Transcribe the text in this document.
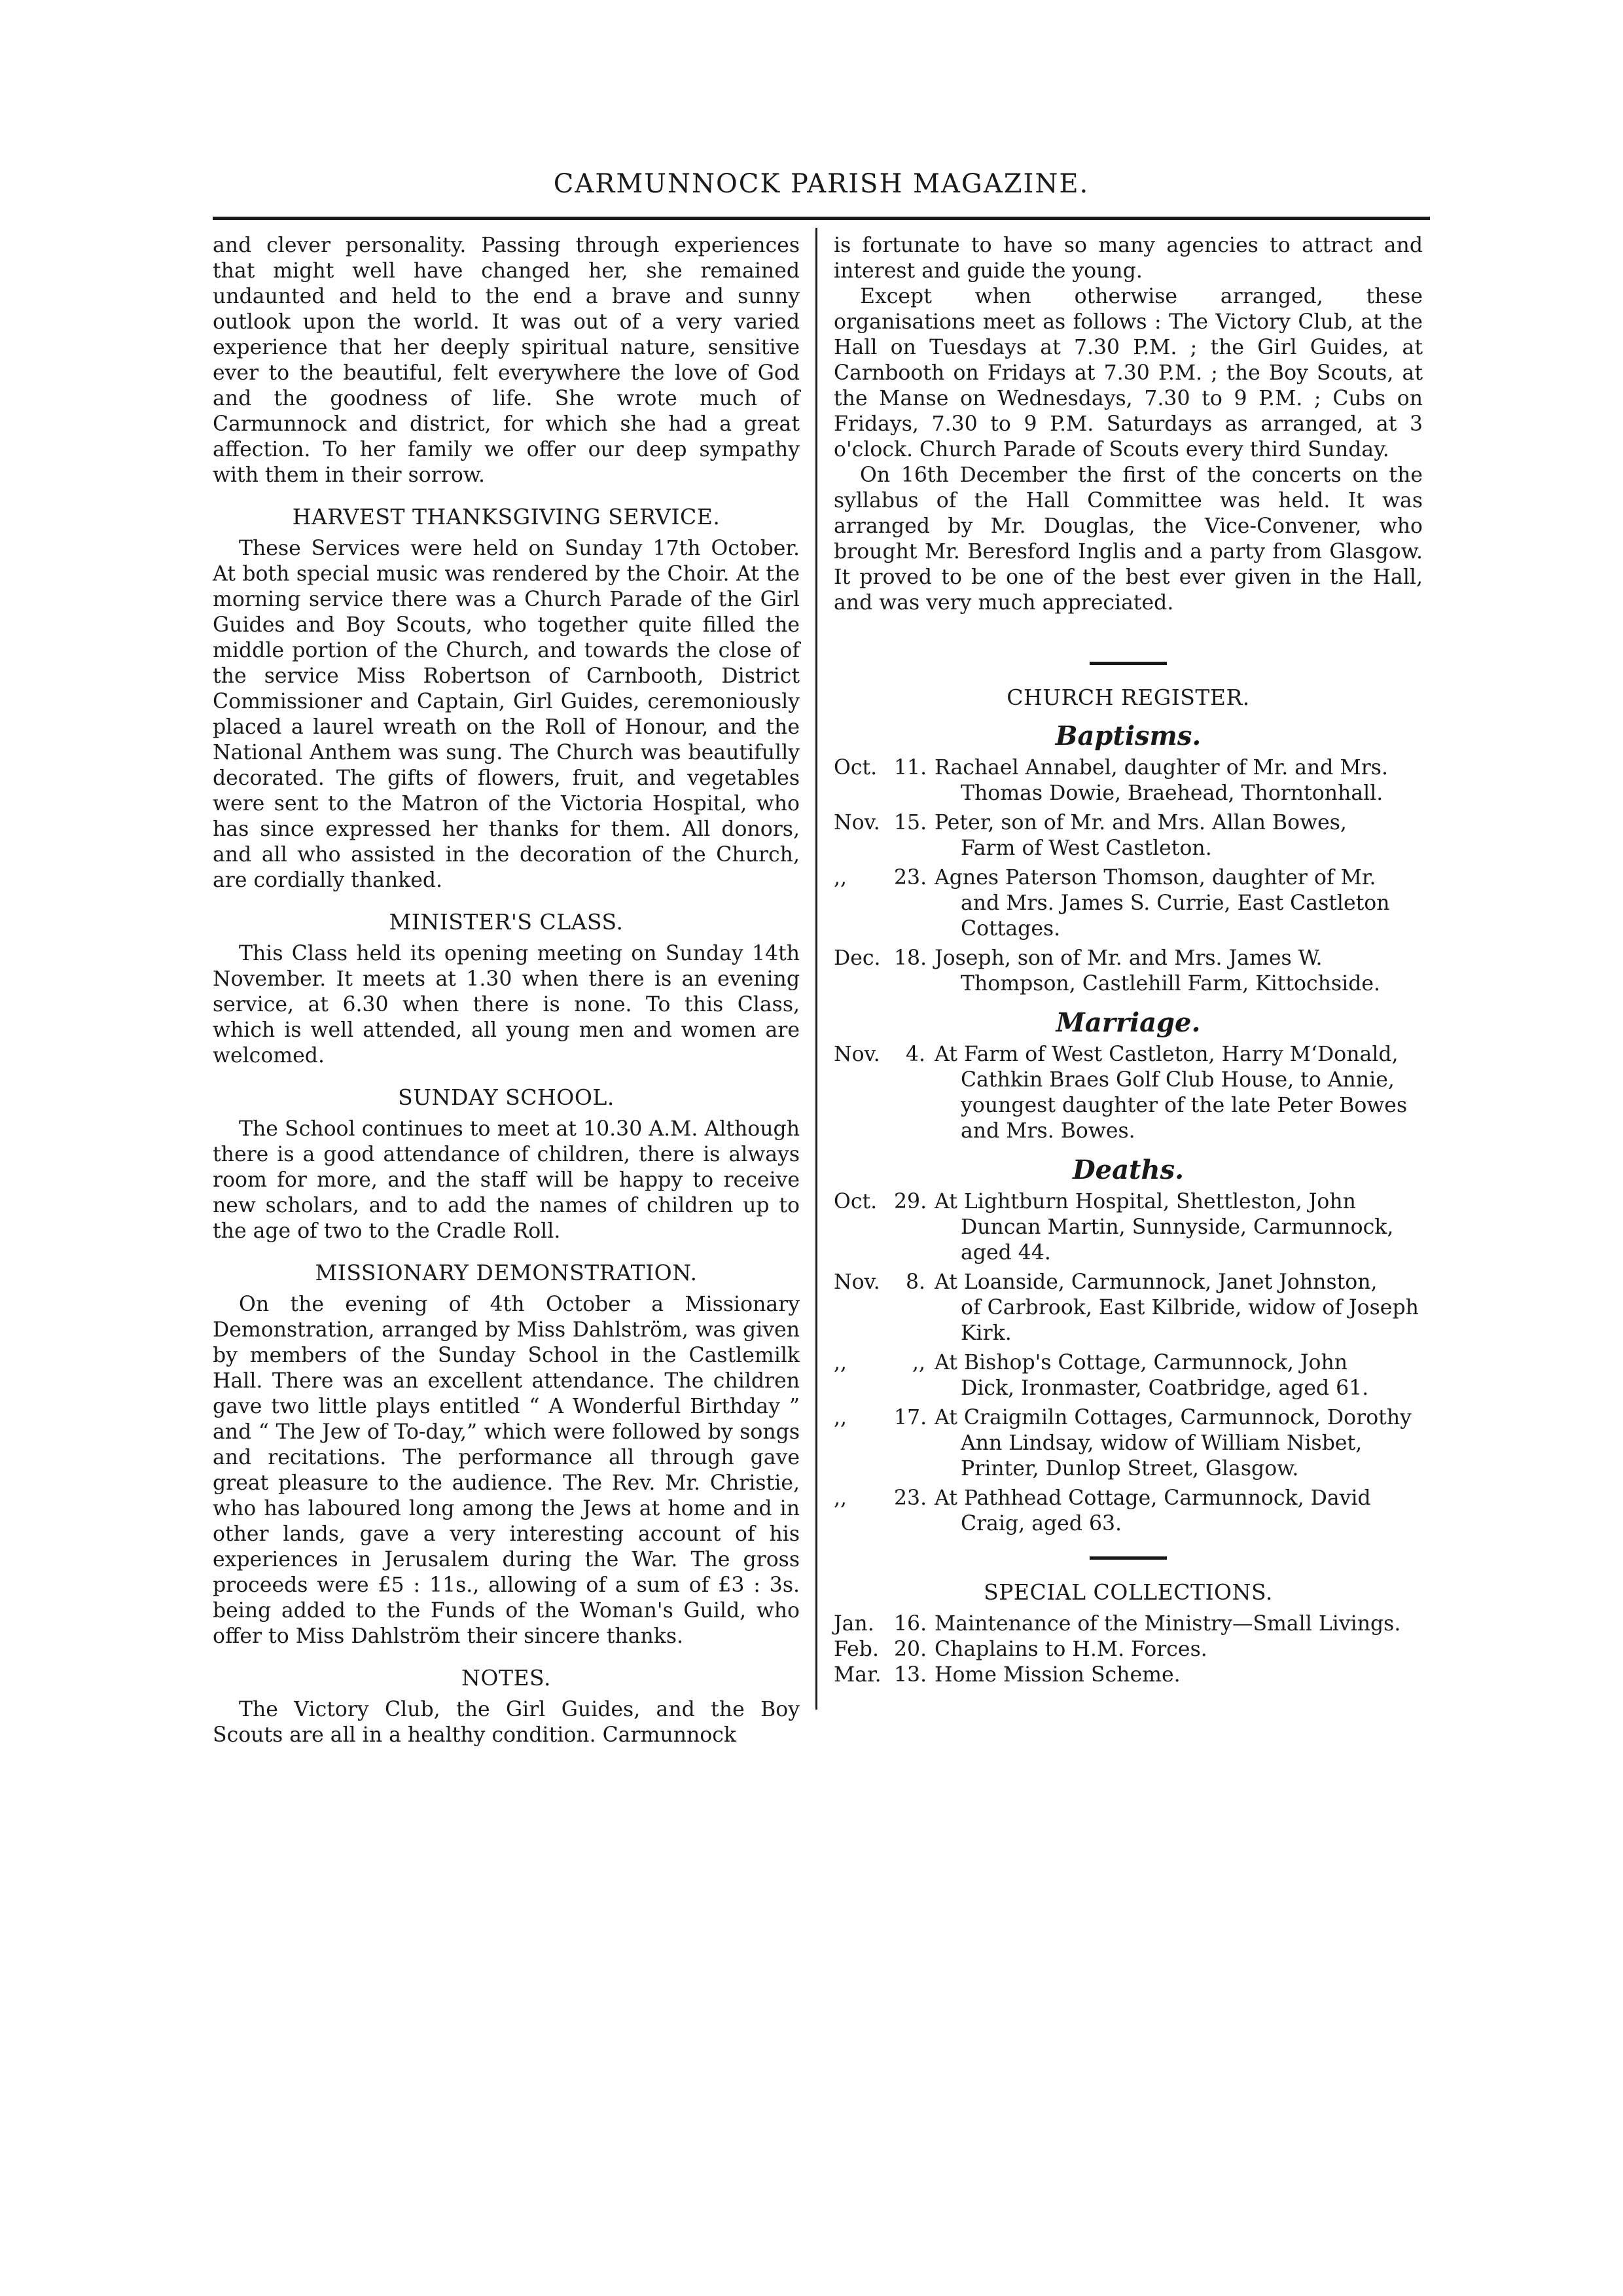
CARMUNNOCK PARISH MAGAZINE.

and clever personality. Passing through experiences that might well have changed her, she remained undaunted and held to the end a brave and sunny outlook upon the world. It was out of a very varied experience that her deeply spiritual nature, sensitive ever to the beautiful, felt everywhere the love of God and the goodness of life. She wrote much of Carmunnock and district, for which she had a great affection. To her family we offer our deep sympathy with them in their sorrow.

HARVEST THANKSGIVING SERVICE.

These Services were held on Sunday 17th October. At both special music was rendered by the Choir. At the morning service there was a Church Parade of the Girl Guides and Boy Scouts, who together quite filled the middle portion of the Church, and towards the close of the service Miss Robertson of Carnbooth, District Commissioner and Captain, Girl Guides, ceremoniously placed a laurel wreath on the Roll of Honour, and the National Anthem was sung. The Church was beautifully decorated. The gifts of flowers, fruit, and vegetables were sent to the Matron of the Victoria Hospital, who has since expressed her thanks for them. All donors, and all who assisted in the decoration of the Church, are cordially thanked.

MINISTER'S CLASS.

This Class held its opening meeting on Sunday 14th November. It meets at 1.30 when there is an evening service, at 6.30 when there is none. To this Class, which is well attended, all young men and women are welcomed.

SUNDAY SCHOOL.

The School continues to meet at 10.30 A.M. Although there is a good attendance of children, there is always room for more, and the staff will be happy to receive new scholars, and to add the names of children up to the age of two to the Cradle Roll.

MISSIONARY DEMONSTRATION.

On the evening of 4th October a Missionary Demonstration, arranged by Miss Dahlström, was given by members of the Sunday School in the Castlemilk Hall. There was an excellent attendance. The children gave two little plays entitled “ A Wonderful Birthday ” and “ The Jew of To-day,” which were followed by songs and recitations. The performance all through gave great pleasure to the audience. The Rev. Mr. Christie, who has laboured long among the Jews at home and in other lands, gave a very interesting account of his experiences in Jerusalem during the War. The gross proceeds were £5 : 11s., allowing of a sum of £3 : 3s. being added to the Funds of the Woman's Guild, who offer to Miss Dahlström their sincere thanks.

NOTES.

The Victory Club, the Girl Guides, and the Boy Scouts are all in a healthy condition. Carmunnock

is fortunate to have so many agencies to attract and interest and guide the young.

Except when otherwise arranged, these organisations meet as follows : The Victory Club, at the Hall on Tuesdays at 7.30 P.M. ; the Girl Guides, at Carnbooth on Fridays at 7.30 P.M. ; the Boy Scouts, at the Manse on Wednesdays, 7.30 to 9 P.M. ; Cubs on Fridays, 7.30 to 9 P.M. Saturdays as arranged, at 3 o'clock. Church Parade of Scouts every third Sunday.

On 16th December the first of the concerts on the syllabus of the Hall Committee was held. It was arranged by Mr. Douglas, the Vice-Convener, who brought Mr. Beresford Inglis and a party from Glasgow. It proved to be one of the best ever given in the Hall, and was very much appreciated.

CHURCH REGISTER.
Baptisms.
Oct. 11. Rachael Annabel, daughter of Mr. and Mrs.
Thomas Dowie, Braehead, Thorntonhall.
Nov. 15. Peter, son of Mr. and Mrs. Allan Bowes,
Farm of West Castleton.
,,	23. Agnes Paterson Thomson, daughter of Mr.
and Mrs. James S. Currie, East Castleton Cottages.
Dec. 18. Joseph, son of Mr. and Mrs. James W.
Thompson, Castlehill Farm, Kittochside.
Marriage.
Nov.	4. At Farm of West Castleton, Harry M‘Donald,
Cathkin Braes Golf Club House, to Annie, youngest daughter of the late Peter Bowes and Mrs. Bowes.
Deaths.
Oct. 29. At Lightburn Hospital, Shettleston, John
Duncan Martin, Sunnyside, Carmunnock, aged 44.
Nov.	8. At Loanside, Carmunnock, Janet Johnston,
of Carbrook, East Kilbride, widow of Joseph Kirk.
,,	,, At Bishop's Cottage, Carmunnock, John
Dick, Ironmaster, Coatbridge, aged 61.
,,	17. At Craigmiln Cottages, Carmunnock, Dorothy
Ann Lindsay, widow of William Nisbet, Printer, Dunlop Street, Glasgow.
,,	23. At Pathhead Cottage, Carmunnock, David
Craig, aged 63.
SPECIAL COLLECTIONS.
Jan. 16. Maintenance of the Ministry—Small Livings.
Feb. 20. Chaplains to H.M. Forces.
Mar. 13. Home Mission Scheme.
